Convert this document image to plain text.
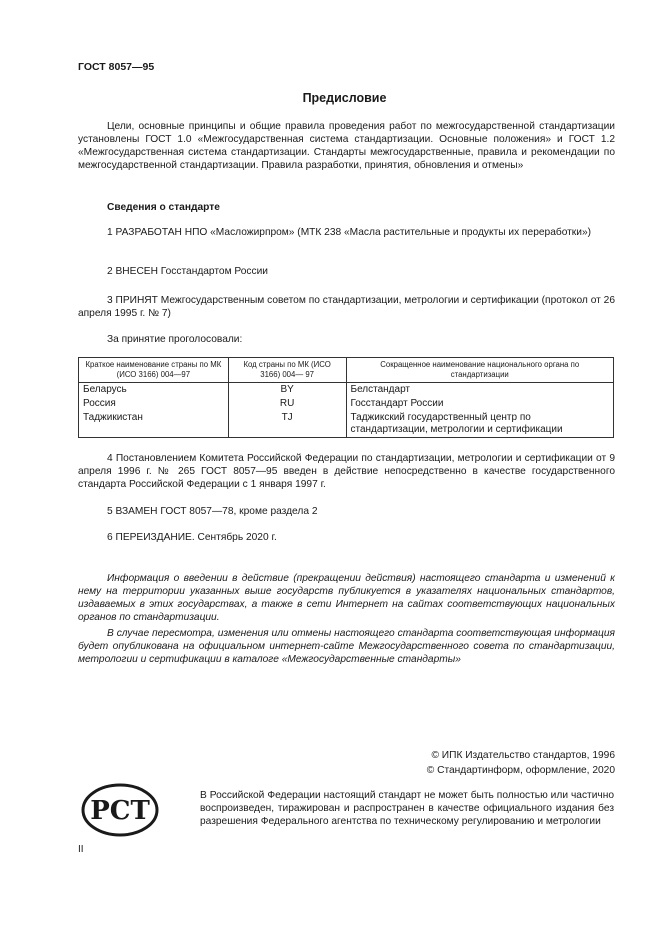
ГОСТ 8057—95
Предисловие
Цели, основные принципы и общие правила проведения работ по межгосударственной стандартизации установлены ГОСТ 1.0 «Межгосударственная система стандартизации. Основные положения» и ГОСТ 1.2 «Межгосударственная система стандартизации. Стандарты межгосударственные, правила и рекомендации по межгосударственной стандартизации. Правила разработки, принятия, обновления и отмены»
Сведения о стандарте
1 РАЗРАБОТАН НПО «Масложирпром» (МТК 238 «Масла растительные и продукты их переработки»)
2 ВНЕСЕН Госстандартом России
3 ПРИНЯТ Межгосударственным советом по стандартизации, метрологии и сертификации (протокол от 26 апреля 1995 г. № 7)
За принятие проголосовали:
Краткое наименование страны по МК (ИСО 3166) 004—97	Код страны по МК (ИСО 3166) 004— 97	Сокращенное наименование национального органа по стандартизации
Беларусь	BY	Белстандарт
Россия	RU	Госстандарт России
Таджикистан	TJ	Таджикский государственный центр по стандартизации, метрологии и сертификации
4 Постановлением Комитета Российской Федерации по стандартизации, метрологии и сертификации от 9 апреля 1996 г. № 265 ГОСТ 8057—95 введен в действие непосредственно в качестве государственного стандарта Российской Федерации с 1 января 1997 г.
5 ВЗАМЕН ГОСТ 8057—78, кроме раздела 2
6 ПЕРЕИЗДАНИЕ. Сентябрь 2020 г.
Информация о введении в действие (прекращении действия) настоящего стандарта и изменений к нему на территории указанных выше государств публикуется в указателях национальных стандартов, издаваемых в этих государствах, а также в сети Интернет на сайтах соответствующих национальных органов по стандартизации.
В случае пересмотра, изменения или отмены настоящего стандарта соответствующая информация будет опубликована на официальном интернет-сайте Межгосударственного совета по стандартизации, метрологии и сертификации в каталоге «Межгосударственные стандарты»
© ИПК Издательство стандартов, 1996
© Стандартинформ, оформление, 2020
РСТ
В Российской Федерации настоящий стандарт не может быть полностью или частично воспроизведен, тиражирован и распространен в качестве официального издания без разрешения Федерального агентства по техническому регулированию и метрологии
II
